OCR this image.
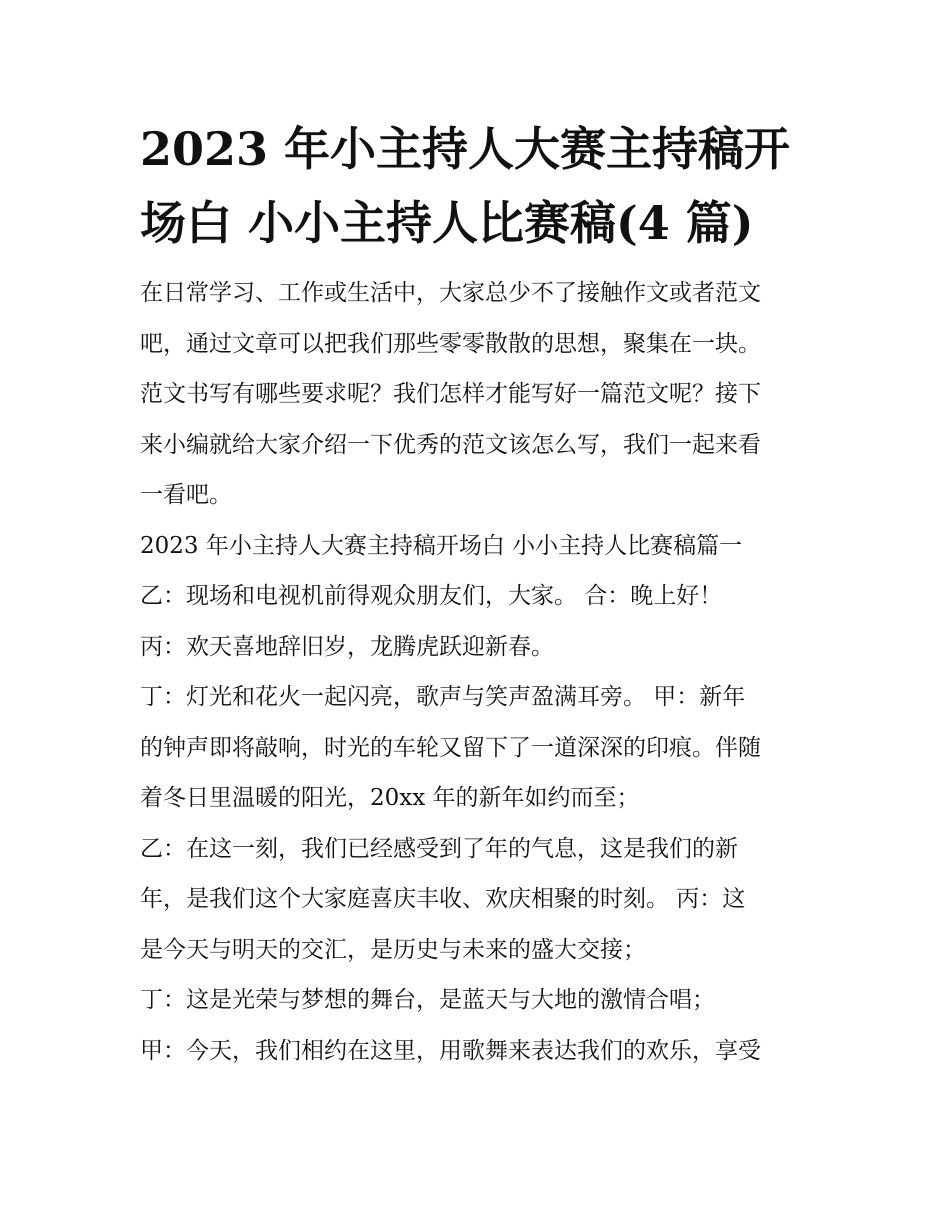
2023 年小主持人大赛主持稿开
场白 小小主持人比赛稿(4 篇)
在日常学习、工作或生活中，大家总少不了接触作文或者范文
吧，通过文章可以把我们那些零零散散的思想，聚集在一块。
范文书写有哪些要求呢？我们怎样才能写好一篇范文呢？接下
来小编就给大家介绍一下优秀的范文该怎么写，我们一起来看
一看吧。
2023 年小主持人大赛主持稿开场白 小小主持人比赛稿篇一
乙：现场和电视机前得观众朋友们，大家。 合：晚上好！
丙：欢天喜地辞旧岁，龙腾虎跃迎新春。
丁：灯光和花火一起闪亮，歌声与笑声盈满耳旁。 甲：新年
的钟声即将敲响，时光的车轮又留下了一道深深的印痕。伴随
着冬日里温暖的阳光，20xx 年的新年如约而至；
乙：在这一刻，我们已经感受到了年的气息，这是我们的新
年，是我们这个大家庭喜庆丰收、欢庆相聚的时刻。 丙：这
是今天与明天的交汇，是历史与未来的盛大交接；
丁：这是光荣与梦想的舞台，是蓝天与大地的激情合唱；
甲：今天，我们相约在这里，用歌舞来表达我们的欢乐，享受
